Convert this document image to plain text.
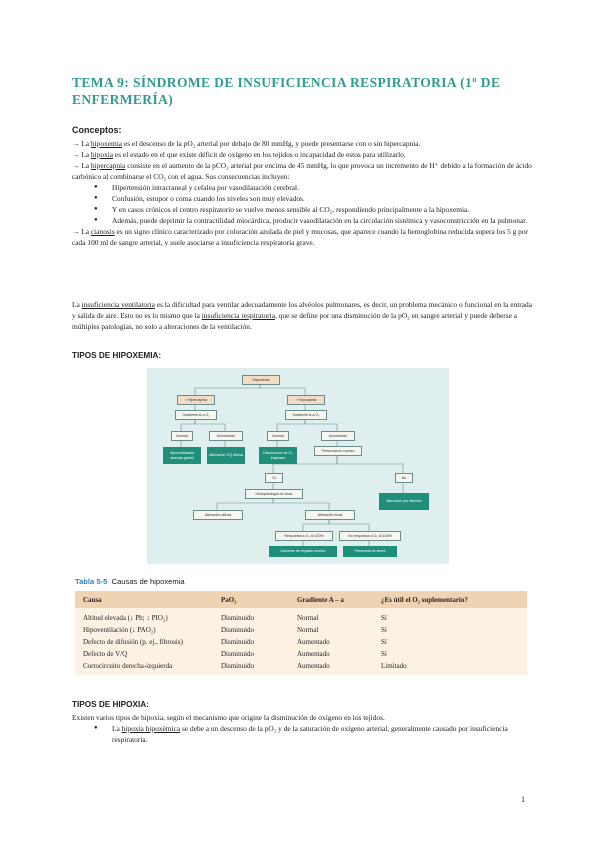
TEMA 9: SÍNDROME DE INSUFICIENCIA RESPIRATORIA (1º DE ENFERMERÍA)
Conceptos:

→ La hipoxemia es el descenso de la pO₂ arterial por debajo de 80 mmHg, y puede presentarse con o sin hipercapnia.

→ La hipoxia es el estado en el que existe déficit de oxígeno en los tejidos o incapacidad de estos para utilizarlo.

→ La hipercapnia consiste en el aumento de la pCO₂ arterial por encima de 45 mmHg, lo que provoca un incremento de H⁺ debido a la formación de ácido carbónico al combinarse el CO₂ con el agua. Sus consecuencias incluyen:

● Hipertensión intracraneal y cefalea por vasodilatación cerebral.
● Confusión, estupor o coma cuando los niveles son muy elevados.
● Y en casos crónicos el centro respiratorio se vuelve menos sensible al CO₂, respondiendo principalmente a la hipoxemia.
● Además, puede deprimir la contractilidad miocárdica, producir vasodilatación en la circulación sistémica y vasoconstricción en la pulmonar.

→ La cianosis es un signo clínico caracterizado por coloración azulada de piel y mucosas, que aparece cuando la hemoglobina reducida supera los 5 g por cada 100 ml de sangre arterial, y suele asociarse a insuficiencia respiratoria grave.

La insuficiencia ventilatoria es la dificultad para ventilar adecuadamente los alvéolos pulmonares, es decir, un problema mecánico o funcional en la entrada y salida de aire. Esto no es lo mismo que la insuficiencia respiratoria, que se define por una disminución de la pO₂ en sangre arterial y puede deberse a múltiples patologías, no solo a alteraciones de la ventilación.
TIPOS DE HIPOXEMIA:
Hipoxemia
= Hipercapnia	↑ Hipocapnia
Gradiente A-a O₂	Gradiente A-a O₂
Normal	Aumentado	Normal	Aumentado
Hipoventilación alveolar global
Alteración V/Q difusa
Disminución de O₂ inspirado
Presencia en reposo
Sí	No
Histopatología de tórax
Alteración por difusión
Alteración difusa	Alteración focal
Respuesta a O₂ al 100%	No respuesta a O₂ al 100%
Aumento de espacio muerto	Presencia de shunt
Tabla 5-5 Causas de hipoxemia
Causa	PaO₂	Gradiente A – a	¿Es útil el O₂ suplementario?
Altitud elevada (↓ Pb; ↓ PIO₂)	Disminuido	Normal	Sí
Hipoventilación (↓ PAO₂)	Disminuido	Normal	Sí
Defecto de difusión (p. ej., fibrosis)	Disminuido	Aumentado	Sí
Defecto de V/Q	Disminuido	Aumentado	Sí
Cortocircuito derecha-izquierda	Disminuido	Aumentado	Limitado
TIPOS DE HIPOXIA:

Existen varios tipos de hipoxia, según el mecanismo que origine la disminución de oxígeno en los tejidos.

● La hipoxia hipoxémica se debe a un descenso de la pO₂ y de la saturación de oxígeno arterial, generalmente causado por insuficiencia respiratoria.
1
